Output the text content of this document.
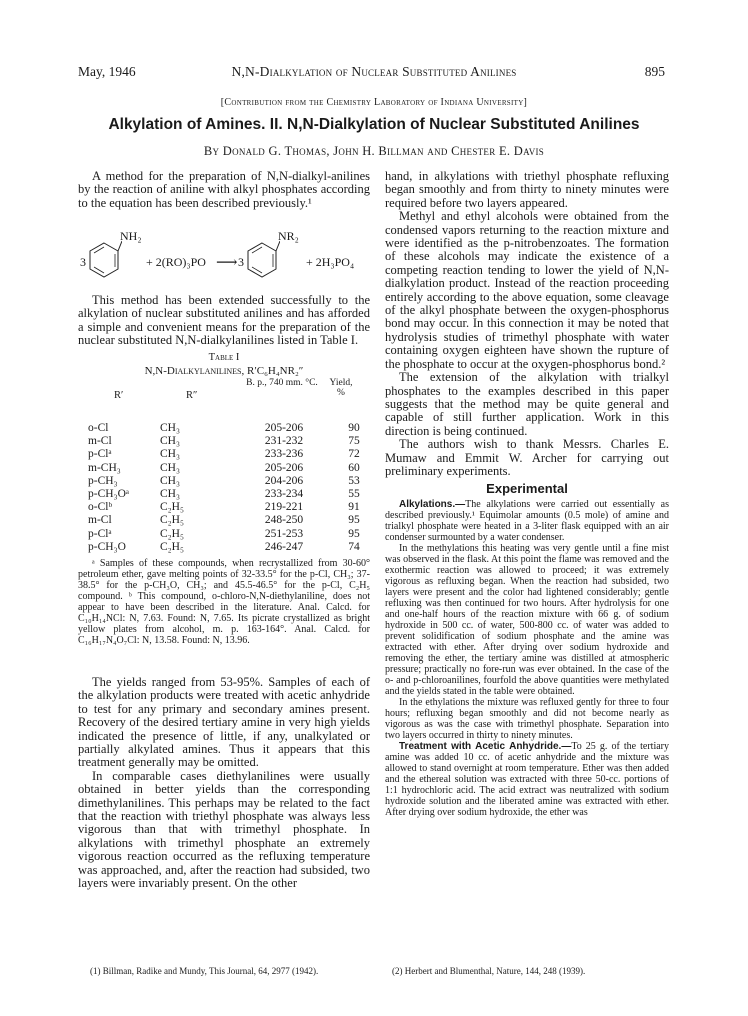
May, 1946	N,N-Dialkylation of Nuclear Substituted Anilines	895
[Contribution from the Chemistry Laboratory of Indiana University]
Alkylation of Amines. II. N,N-Dialkylation of Nuclear Substituted Anilines
By Donald G. Thomas, John H. Billman and Chester E. Davis

A method for the preparation of N,N-dialkyl-anilines by the reaction of aniline with alkyl phosphates according to the equation has been described previously.¹

3
NH₂
+ 2(RO)₃PO ⟶ 3
NR₂
+ 2H₃PO₄

This method has been extended successfully to the alkylation of nuclear substituted anilines and has afforded a simple and convenient means for the preparation of the nuclear substituted N,N-dialkylanilines listed in Table I.

Table I
N,N-Dialkylanilines, R′C₆H₄NR₂″
R′	R″
B. p., 740 mm. °C.	Yield, %
o-Cl	CH₃	205-206	90
m-Cl	CH₃	231-232	75
p-Clᵃ	CH₃	233-236	72
m-CH₃	CH₃	205-206	60
p-CH₃	CH₃	204-206	53
p-CH₃Oᵃ	CH₃	233-234	55
o-Clᵇ	C₂H₅	219-221	91
m-Cl	C₂H₅	248-250	95
p-Clᵃ	C₂H₅	251-253	95
p-CH₃O	C₂H₅	246-247	74

ᵃ Samples of these compounds, when recrystallized from 30-60° petroleum ether, gave melting points of 32-33.5° for the p-Cl, CH₃; 37-38.5° for the p-CH₃O, CH₃; and 45.5-46.5° for the p-Cl, C₂H₅ compound. ᵇ This compound, o-chloro-N,N-diethylaniline, does not appear to have been described in the literature. Anal. Calcd. for C₁₀H₁₄NCl: N, 7.63. Found: N, 7.65. Its picrate crystallized as bright yellow plates from alcohol, m. p. 163-164°. Anal. Calcd. for C₁₆H₁₇N₄O₇Cl: N, 13.58. Found: N, 13.96.

The yields ranged from 53-95%. Samples of each of the alkylation products were treated with acetic anhydride to test for any primary and secondary amines present. Recovery of the desired tertiary amine in very high yields indicated the presence of little, if any, unalkylated or partially alkylated amines. Thus it appears that this treatment generally may be omitted.

In comparable cases diethylanilines were usually obtained in better yields than the corresponding dimethylanilines. This perhaps may be related to the fact that the reaction with triethyl phosphate was always less vigorous than that with trimethyl phosphate. In alkylations with trimethyl phosphate an extremely vigorous reaction occurred as the refluxing temperature was approached, and, after the reaction had subsided, two layers were invariably present. On the other

hand, in alkylations with triethyl phosphate refluxing began smoothly and from thirty to ninety minutes were required before two layers appeared.

Methyl and ethyl alcohols were obtained from the condensed vapors returning to the reaction mixture and were identified as the p-nitrobenzoates. The formation of these alcohols may indicate the existence of a competing reaction tending to lower the yield of N,N-dialkylation product. Instead of the reaction proceeding entirely according to the above equation, some cleavage of the alkyl phosphate between the oxygen-phosphorus bond may occur. In this connection it may be noted that hydrolysis studies of trimethyl phosphate with water containing oxygen eighteen have shown the rupture of the phosphate to occur at the oxygen-phosphorus bond.²

The extension of the alkylation with trialkyl phosphates to the examples described in this paper suggests that the method may be quite general and capable of still further application. Work in this direction is being continued.

The authors wish to thank Messrs. Charles E. Mumaw and Emmit W. Archer for carrying out preliminary experiments.

Experimental

Alkylations.—The alkylations were carried out essentially as described previously.¹ Equimolar amounts (0.5 mole) of amine and trialkyl phosphate were heated in a 3-liter flask equipped with an air condenser surmounted by a water condenser.

In the methylations this heating was very gentle until a fine mist was observed in the flask. At this point the flame was removed and the exothermic reaction was allowed to proceed; it was extremely vigorous as refluxing began. When the reaction had subsided, two layers were present and the color had lightened considerably; gentle refluxing was then continued for two hours. After hydrolysis for one and one-half hours of the reaction mixture with 66 g. of sodium hydroxide in 500 cc. of water, 500-800 cc. of water was added to prevent solidification of sodium phosphate and the amine was extracted with ether. After drying over sodium hydroxide and removing the ether, the tertiary amine was distilled at atmospheric pressure; practically no fore-run was ever obtained. In the case of the o- and p-chloroanilines, fourfold the above quantities were methylated and the yields stated in the table were obtained.

In the ethylations the mixture was refluxed gently for three to four hours; refluxing began smoothly and did not become nearly as vigorous as was the case with trimethyl phosphate. Separation into two layers occurred in thirty to ninety minutes.

Treatment with Acetic Anhydride.—To 25 g. of the tertiary amine was added 10 cc. of acetic anhydride and the mixture was allowed to stand overnight at room temperature. Ether was then added and the ethereal solution was extracted with three 50-cc. portions of 1:1 hydrochloric acid. The acid extract was neutralized with sodium hydroxide solution and the liberated amine was extracted with ether. After drying over sodium hydroxide, the ether was

(1) Billman, Radike and Mundy, This Journal, 64, 2977 (1942).	(2) Herbert and Blumenthal, Nature, 144, 248 (1939).
